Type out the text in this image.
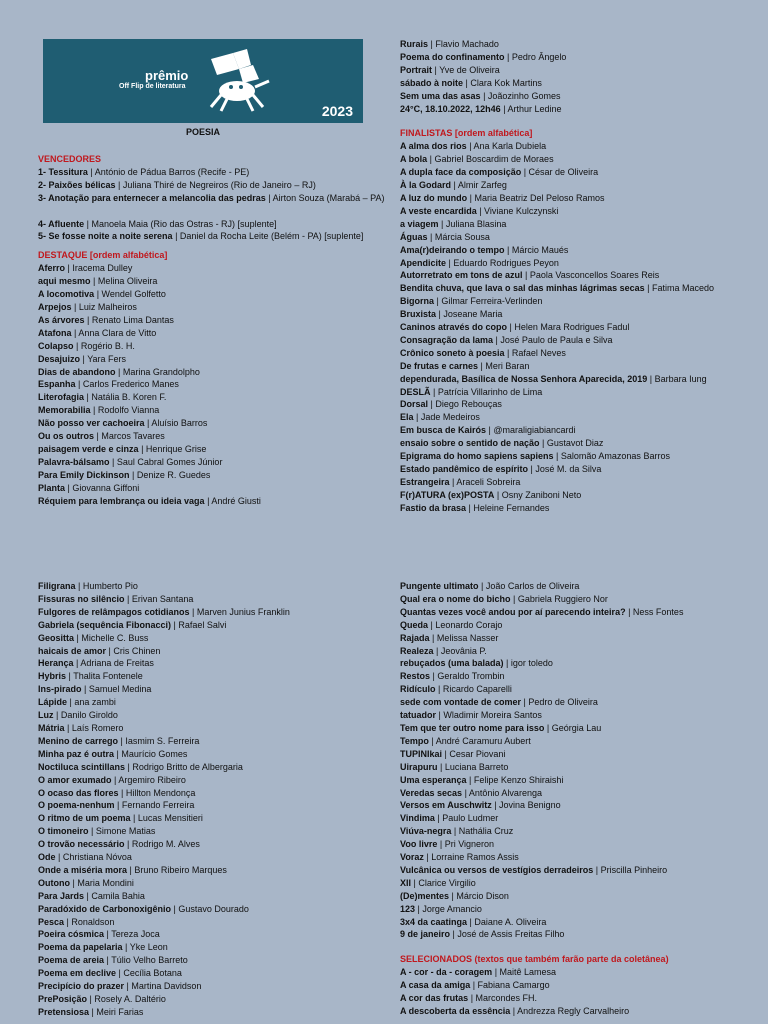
prêmio
Off Flip de literatura
2023
POESIA
VENCEDORES
1- Tessitura | António de Pádua Barros (Recife - PE)
2- Paixões bélicas | Juliana Thiré de Negreiros (Rio de Janeiro – RJ)
3- Anotação para enternecer a melancolia das pedras | Airton Souza (Marabá – PA)
4- Afluente | Manoela Maia (Rio das Ostras - RJ) [suplente]
5- Se fosse noite a noite serena | Daniel da Rocha Leite (Belém - PA) [suplente]
DESTAQUE [ordem alfabética]
Aferro | Iracema Dulley
aqui mesmo | Melina Oliveira
A locomotiva | Wendel Golfetto
Arpejos | Luiz Malheiros
As árvores | Renato Lima Dantas
Atafona | Anna Clara de Vitto
Colapso | Rogério B. H.
Desajuizo | Yara Fers
Dias de abandono | Marina Grandolpho
Espanha | Carlos Frederico Manes
Literofagia | Natália B. Koren F.
Memorabilia | Rodolfo Vianna
Não posso ver cachoeira | Aluísio Barros
Ou os outros | Marcos Tavares
paisagem verde e cinza | Henrique Grise
Palavra-bálsamo | Saul Cabral Gomes Júnior
Para Emily Dickinson | Denize R. Guedes
Planta | Giovanna Giffoni
Réquiem para lembrança ou ideia vaga | André Giusti
Rurais | Flavio Machado
Poema do confinamento | Pedro Ângelo
Portrait | Yve de Oliveira
sábado à noite | Clara Kok Martins
Sem uma das asas | Joãozinho Gomes
24°C, 18.10.2022, 12h46 | Arthur Ledine
FINALISTAS [ordem alfabética]
A alma dos rios | Ana Karla Dubiela
A bola | Gabriel Boscardim de Moraes
A dupla face da composição | César de Oliveira
À la Godard | Almir Zarfeg
A luz do mundo | Maria Beatriz Del Peloso Ramos
A veste encardida | Viviane Kulczynski
a viagem | Juliana Blasina
Águas | Márcia Sousa
Ama(r)deirando o tempo | Márcio Maués
Apendicite | Eduardo Rodrigues Peyon
Autorretrato em tons de azul | Paola Vasconcellos Soares Reis
Bendita chuva, que lava o sal das minhas lágrimas secas | Fatima Macedo
Bigorna | Gilmar Ferreira-Verlinden
Bruxista | Joseane Maria
Caninos através do copo | Helen Mara Rodrigues Fadul
Consagração da lama | José Paulo de Paula e Silva
Crônico soneto à poesia | Rafael Neves
De frutas e carnes | Meri Baran
dependurada, Basílica de Nossa Senhora Aparecida, 2019 | Barbara Iung
DESLÃ | Patrícia Villarinho de Lima
Dorsal | Diego Rebouças
Ela | Jade Medeiros
Em busca de Kairós | @maraligiabiancardi
ensaio sobre o sentido de nação | Gustavot Diaz
Epigrama do homo sapiens sapiens | Salomão Amazonas Barros
Estado pandêmico de espírito | José M. da Silva
Estrangeira | Araceli Sobreira
F(r)ATURA (ex)POSTA | Osny Zaniboni Neto
Fastio da brasa | Heleine Fernandes
Filigrana | Humberto Pio
Fissuras no silêncio | Erivan Santana
Fulgores de relâmpagos cotidianos | Marven Junius Franklin
Gabriela (sequência Fibonacci) | Rafael Salvi
Geositta | Michelle C. Buss
haicais de amor | Cris Chinen
Herança | Adriana de Freitas
Hybris | Thalita Fontenele
Ins-pirado | Samuel Medina
Lápide | ana zambi
Luz | Danilo Giroldo
Mátria | Laís Romero
Menino de carrego | Iasmim S. Ferreira
Minha paz é outra | Maurício Gomes
Noctiluca scintillans | Rodrigo Britto de Albergaria
O amor exumado | Argemiro Ribeiro
O ocaso das flores | Hillton Mendonça
O poema-nenhum | Fernando Ferreira
O ritmo de um poema | Lucas Mensitieri
O timoneiro | Simone Matias
O trovão necessário | Rodrigo M. Alves
Ode | Christiana Nóvoa
Onde a miséria mora | Bruno Ribeiro Marques
Outono | Maria Mondini
Para Jards | Camila Bahia
Paradóxido de Carbonoxigênio | Gustavo Dourado
Pesca | Ronaldson
Poeira cósmica | Tereza Joca
Poema da papelaria | Yke Leon
Poema de areia | Túlio Velho Barreto
Poema em declive | Cecília Botana
Precipício do prazer | Martina Davidson
PrePosição | Rosely A. Daltério
Pretensiosa | Meiri Farias
Pungente ultimato | João Carlos de Oliveira
Qual era o nome do bicho | Gabriela Ruggiero Nor
Quantas vezes você andou por aí parecendo inteira? | Ness Fontes
Queda | Leonardo Corajo
Rajada | Melissa Nasser
Realeza | Jeovânia P.
rebuçados (uma balada) | igor toledo
Restos | Geraldo Trombin
Ridículo | Ricardo Caparelli
sede com vontade de comer | Pedro de Oliveira
tatuador | Wladimir Moreira Santos
Tem que ter outro nome para isso | Geórgia Lau
Tempo | André Caramuru Aubert
TUPINIkai | Cesar Piovani
Uirapuru | Luciana Barreto
Uma esperança | Felipe Kenzo Shiraishi
Veredas secas | Antônio Alvarenga
Versos em Auschwitz | Jovina Benigno
Vindima | Paulo Ludmer
Viúva-negra | Nathália Cruz
Voo livre | Pri Vigneron
Voraz | Lorraine Ramos Assis
Vulcânica ou versos de vestígios derradeiros | Priscilla Pinheiro
XII | Clarice Virgilio
(De)mentes | Márcio Dison
123 | Jorge Amancio
3x4 da caatinga | Daiane A. Oliveira
9 de janeiro | José de Assis Freitas Filho
SELECIONADOS (textos que também farão parte da coletânea)
A - cor - da - coragem | Maitê Lamesa
A casa da amiga | Fabiana Camargo
A cor das frutas | Marcondes FH.
A descoberta da essência | Andrezza Regly Carvalheiro
